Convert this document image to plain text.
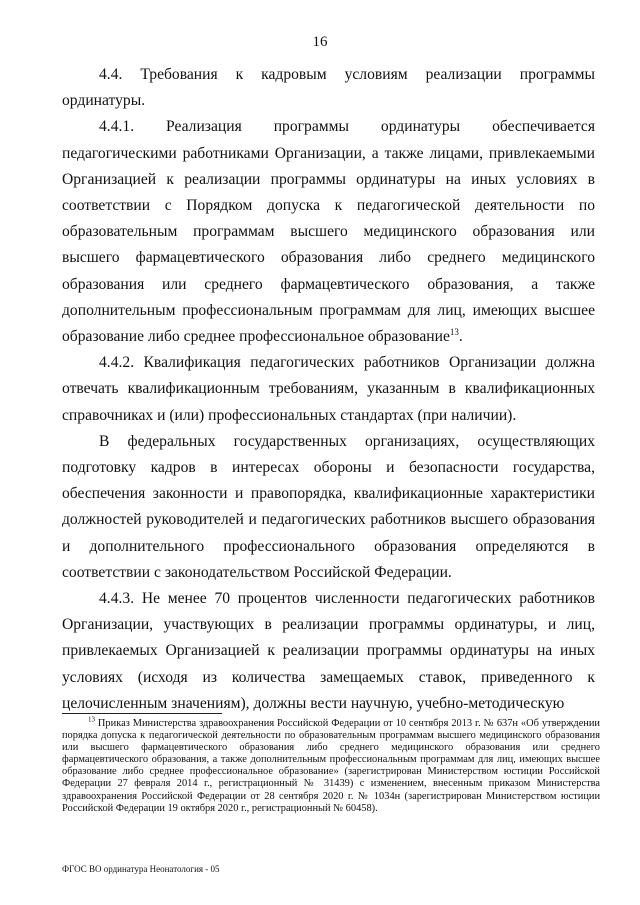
16

4.4. Требования к кадровым условиям реализации программы ординатуры.

4.4.1. Реализация программы ординатуры обеспечивается педагогическими работниками Организации, а также лицами, привлекаемыми Организацией к реализации программы ординатуры на иных условиях в соответствии с Порядком допуска к педагогической деятельности по образовательным программам высшего медицинского образования или высшего фармацевтического образования либо среднего медицинского образования или среднего фармацевтического образования, а также дополнительным профессиональным программам для лиц, имеющих высшее образование либо среднее профессиональное образование$^{13}$.

4.4.2. Квалификация педагогических работников Организации должна отвечать квалификационным требованиям, указанным в квалификационных справочниках и (или) профессиональных стандартах (при наличии).

В федеральных государственных организациях, осуществляющих подготовку кадров в интересах обороны и безопасности государства, обеспечения законности и правопорядка, квалификационные характеристики должностей руководителей и педагогических работников высшего образования и дополнительного профессионального образования определяются в соответствии с законодательством Российской Федерации.

4.4.3. Не менее 70 процентов численности педагогических работников Организации, участвующих в реализации программы ординатуры, и лиц, привлекаемых Организацией к реализации программы ординатуры на иных условиях (исходя из количества замещаемых ставок, приведенного к целочисленным значениям), должны вести научную, учебно-методическую

$^{13}$ Приказ Министерства здравоохранения Российской Федерации от 10 сентября 2013 г. № 637н «Об утверждении порядка допуска к педагогической деятельности по образовательным программам высшего медицинского образования или высшего фармацевтического образования либо среднего медицинского образования или среднего фармацевтического образования, а также дополнительным профессиональным программам для лиц, имеющих высшее образование либо среднее профессиональное образование» (зарегистрирован Министерством юстиции Российской Федерации 27 февраля 2014 г., регистрационный № 31439) с изменением, внесенным приказом Министерства здравоохранения Российской Федерации от 28 сентября 2020 г. № 1034н (зарегистрирован Министерством юстиции Российской Федерации 19 октября 2020 г., регистрационный № 60458).
ФГОС ВО ординатура Неонатология - 05
